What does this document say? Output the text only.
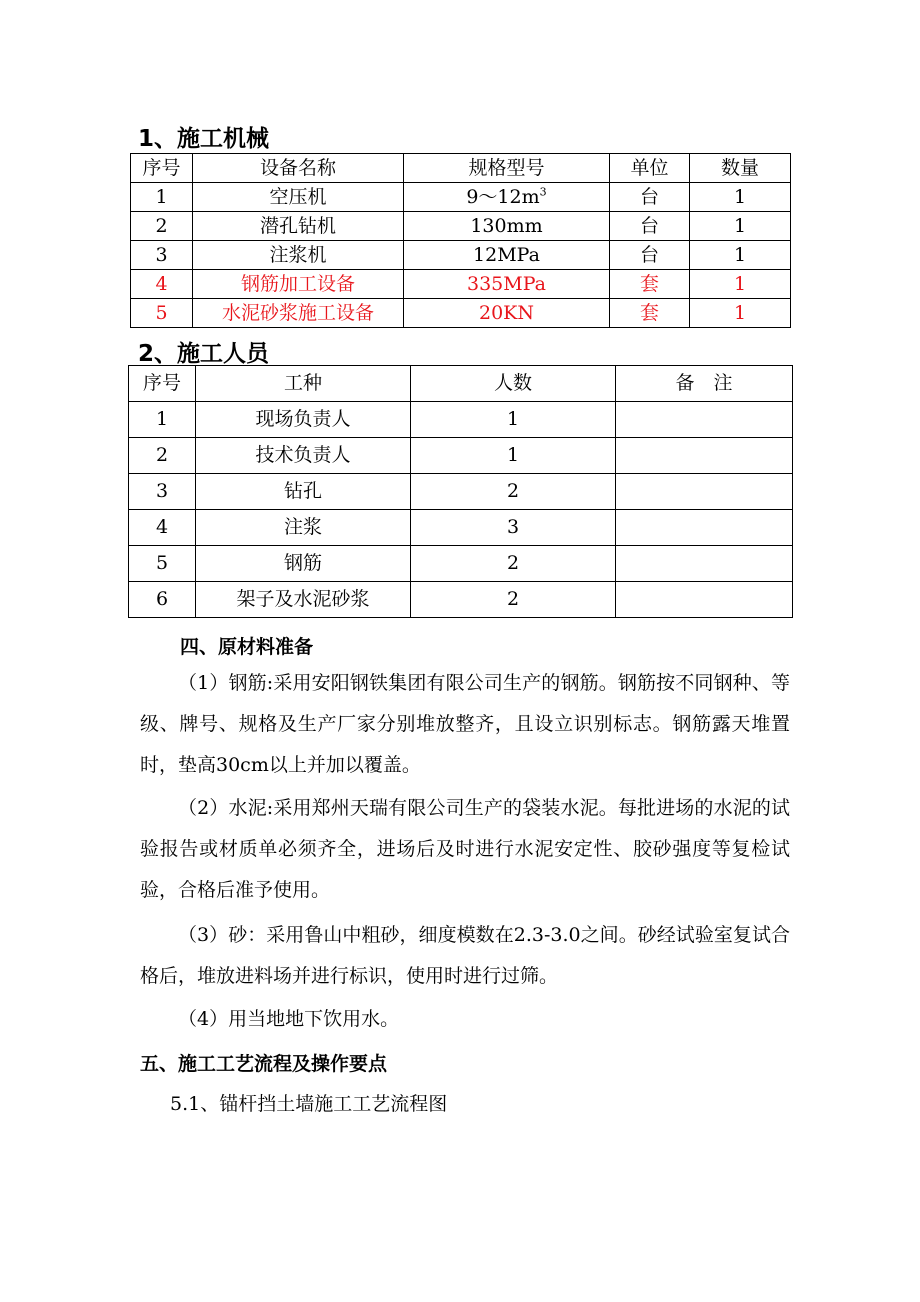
1、施工机械
序号	设备名称	规格型号	单位	数量
1	空压机	$9\sim 12m^3$	台	1
2	潜孔钻机	130mm	台	1
3	注浆机	12MPa	台	1
4	钢筋加工设备	335MPa	套	1
5	水泥砂浆施工设备	20KN	套	1
2、施工人员
序号	工种	人数	备　注
1	现场负责人	1	
2	技术负责人	1	
3	钻孔	2	
4	注浆	3	
5	钢筋	2	
6	架子及水泥砂浆	2	
四、原材料准备

（1）钢筋:采用安阳钢铁集团有限公司生产的钢筋。钢筋按不同钢种、等级、牌号、规格及生产厂家分别堆放整齐，且设立识别标志。钢筋露天堆置时，垫高30cm以上并加以覆盖。

（2）水泥:采用郑州天瑞有限公司生产的袋装水泥。每批进场的水泥的试验报告或材质单必须齐全，进场后及时进行水泥安定性、胶砂强度等复检试验，合格后准予使用。

（3）砂：采用鲁山中粗砂，细度模数在2.3-3.0之间。砂经试验室复试合格后，堆放进料场并进行标识，使用时进行过筛。

（4）用当地地下饮用水。

五、施工工艺流程及操作要点
5.1、锚杆挡土墙施工工艺流程图
